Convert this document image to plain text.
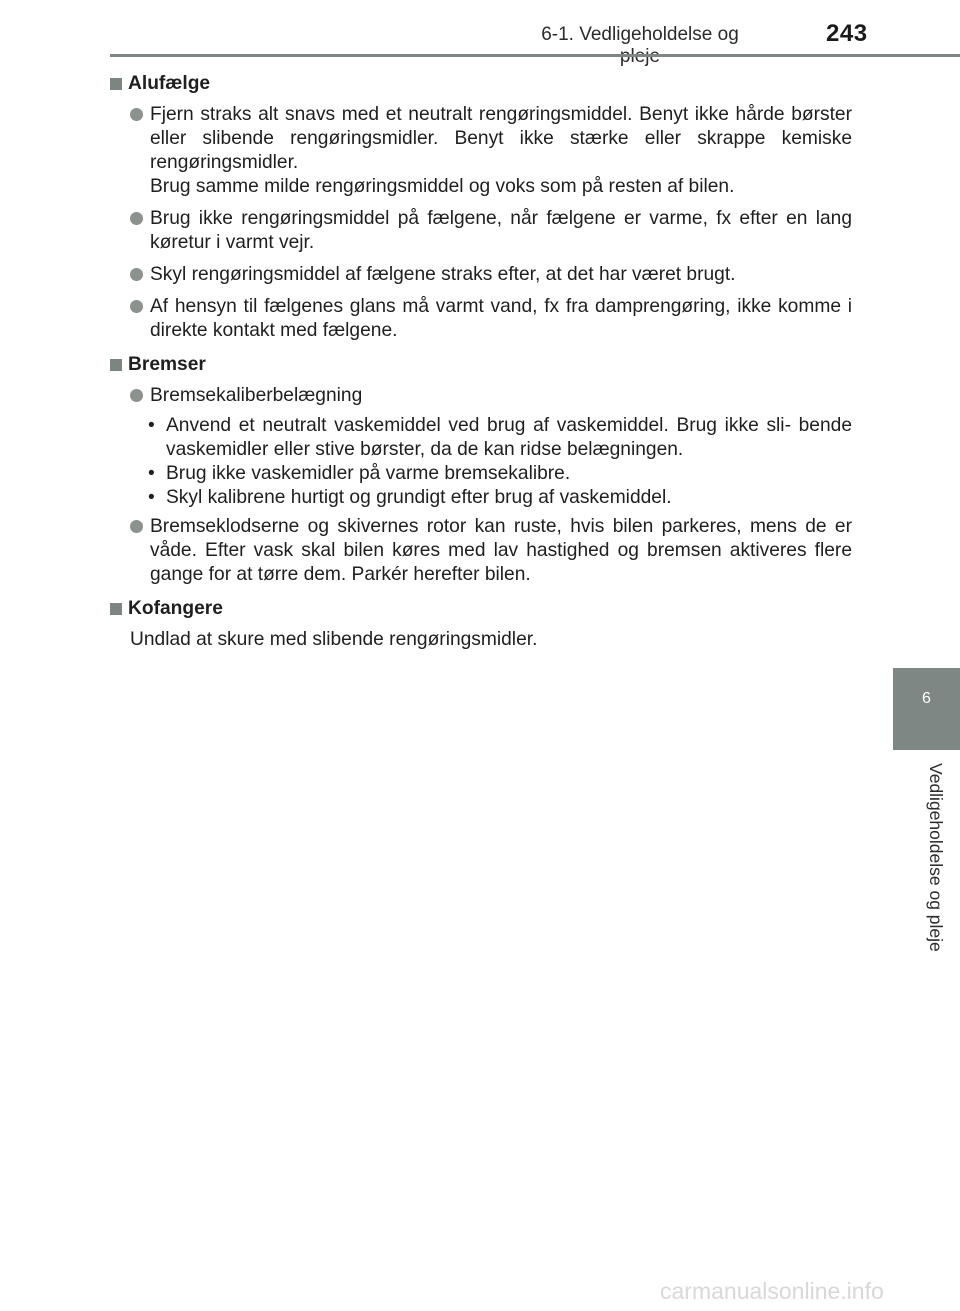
6-1. Vedligeholdelse og	243
Alufælge
Fjern straks alt snavs med et neutralt rengøringsmiddel. Benyt ikke hårde børster eller slibende rengøringsmidler. Benyt ikke stærke eller skrappe kemiske rengøringsmidler.
Brug samme milde rengøringsmiddel og voks som på resten af bilen.
Brug ikke rengøringsmiddel på fælgene, når fælgene er varme, fx efter en lang køretur i varmt vejr.
Skyl rengøringsmiddel af fælgene straks efter, at det har været brugt.
Af hensyn til fælgenes glans må varmt vand, fx fra damprengøring, ikke komme i direkte kontakt med fælgene.
Bremser
Bremsekaliberbelægning
• Anvend et neutralt vaskemiddel ved brug af vaskemiddel. Brug ikke sli- bende vaskemidler eller stive børster, da de kan ridse belægningen.
• Brug ikke vaskemidler på varme bremsekalibre.
• Skyl kalibrene hurtigt og grundigt efter brug af vaskemiddel.
Bremseklodserne og skivernes rotor kan ruste, hvis bilen parkeres, mens de er våde. Efter vask skal bilen køres med lav hastighed og bremsen aktiveres flere gange for at tørre dem. Parkér herefter bilen.
Kofangere

Undlad at skure med slibende rengøringsmidler.

6
Vedligeholdelse og pleje
carmanualsonline.info
